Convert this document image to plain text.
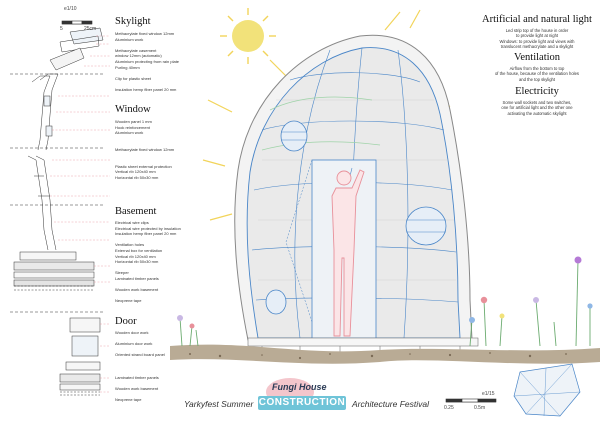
e1/10
5	25cm
Skylight
Methacrylate fixed window 12mm
Aluminium work

Methacrylate casement
window 12mm (automatic)
Aluminium protecting from rain plate
Purling 40mm

Clip for plastic sheet

Insulation hemp fiber panel 20 mm
Window
Wooden panel 1 mm
Hook reinforcement
Aluminium work

Methacrylate fixed window 12mm

Plastic sheet external protection
Vertical rib 120x40 mm
Horizontal rib 50x30 mm
Basement
Electrical wire clips
Electrical wire protected by insulation
Insulation hemp fiber panel 20 mm

Ventilation holes
External box for ventilation
Vertical rib 120x40 mm
Horizontal rib 50x30 mm

Sleeper
Laminated timber panels

Wooden work basement

Neoprene tape
Door
Wooden door work

Aluminium door work

Oriented strand board panel

Laminated timber panels

Wooden work basement

Neoprene tape
Artificial and natural light
Led strip top of the house in order
to provide light at night
Windows: to provide light and views with
translucent methacrylate and a skylight
Ventilation
Airflow from the bottom to top
of the house, because of the ventilation holes
and the top skylight
Electricity
Some wall sockets and two switches,
one for artificial light and the other one
activating the automatic skylight
Fungi House
CONSTRUCTION
Yarkyfest Summer	Architecture Festival
e1/15
0.25	0.5m
